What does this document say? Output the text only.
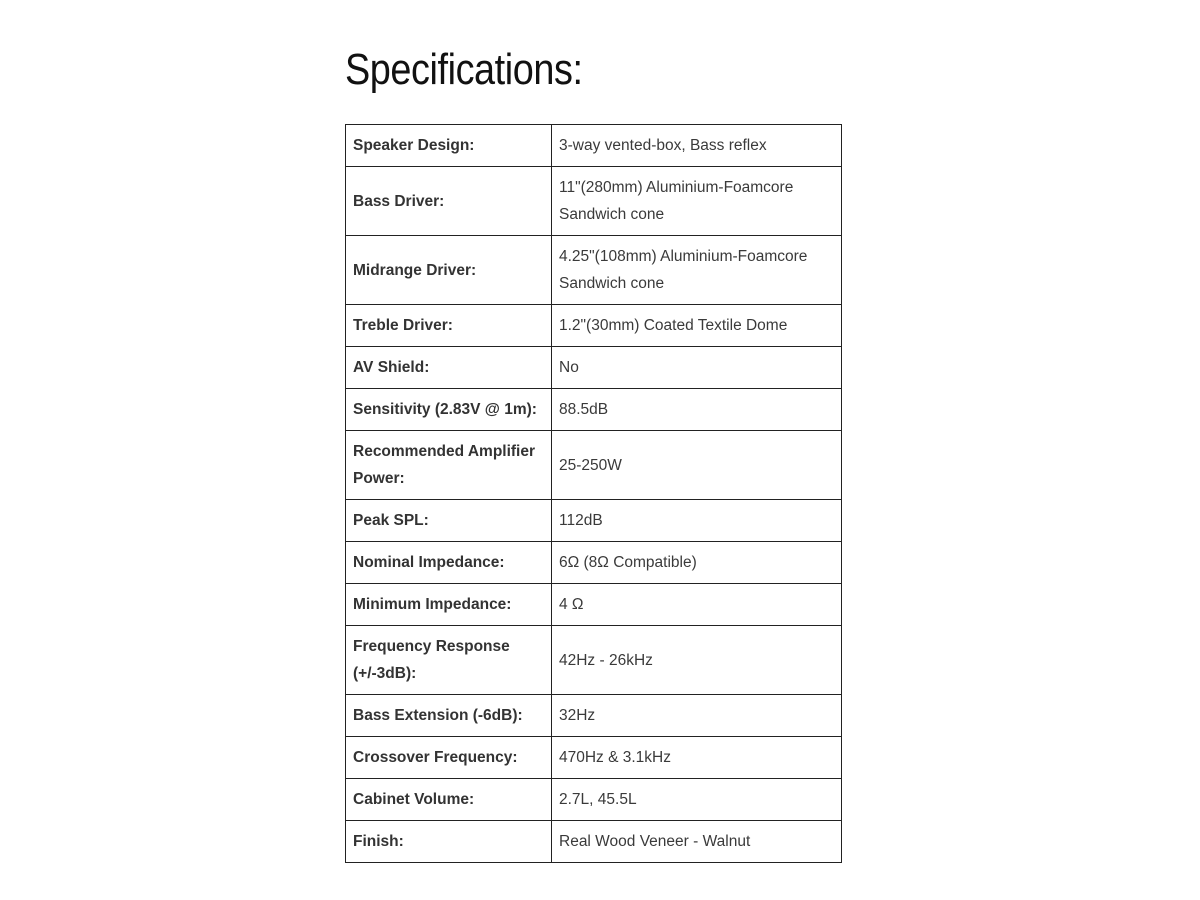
Specifications:
Speaker Design:	3-way vented-box, Bass reflex
Bass Driver:	11"(280mm) Aluminium-Foamcore Sandwich cone
Midrange Driver:	4.25"(108mm) Aluminium-Foamcore Sandwich cone
Treble Driver:	1.2"(30mm) Coated Textile Dome
AV Shield:	No
Sensitivity (2.83V @ 1m):	88.5dB
Recommended Amplifier Power:	25-250W
Peak SPL:	112dB
Nominal Impedance:	6Ω (8Ω Compatible)
Minimum Impedance:	4 Ω
Frequency Response (+/-3dB):	42Hz - 26kHz
Bass Extension (-6dB):	32Hz
Crossover Frequency:	470Hz & 3.1kHz
Cabinet Volume:	2.7L, 45.5L
Finish:	Real Wood Veneer - Walnut
